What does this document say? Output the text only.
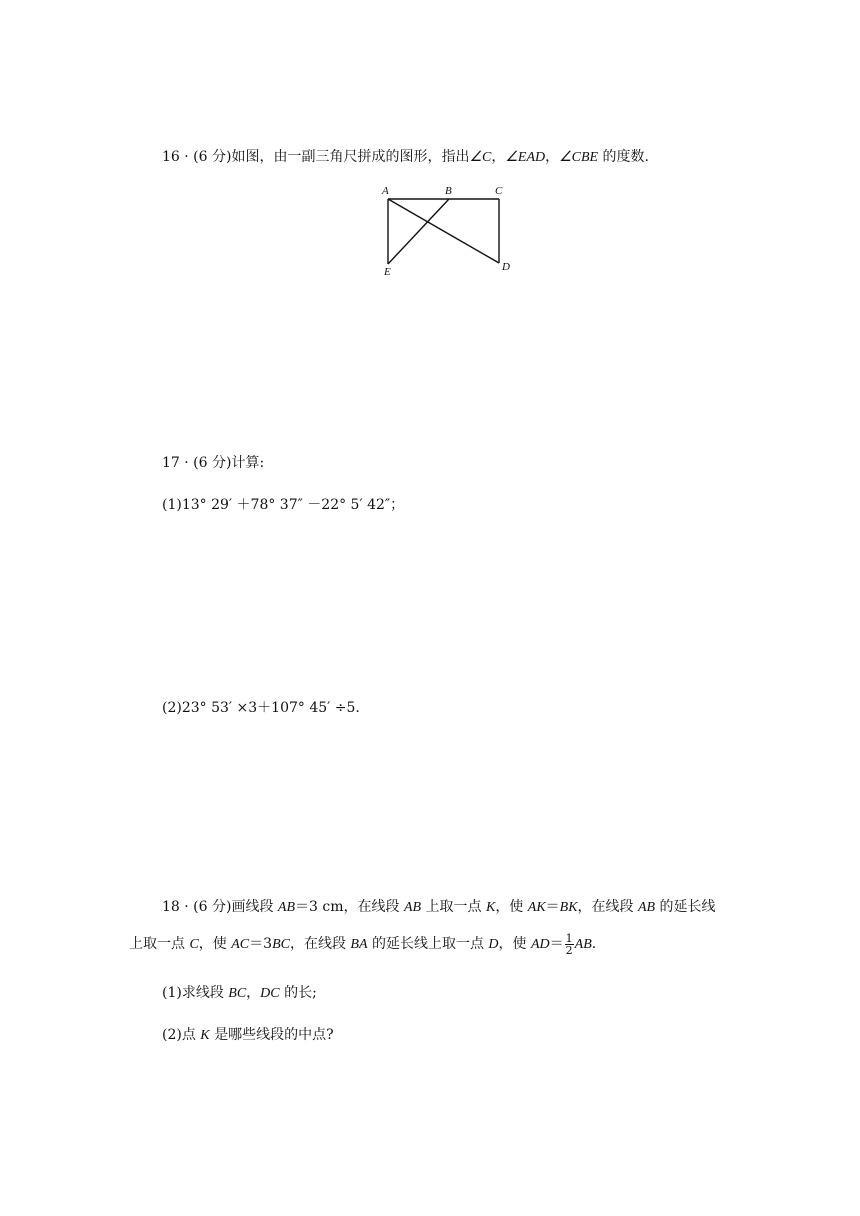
16 · (6 分)如图，由一副三角尺拼成的图形，指出∠C，∠EAD，∠CBE 的度数.
A	B	C
D
E
17 · (6 分)计算:
(1)13° 29′ ＋78° 37″ －22° 5′ 42″；
(2)23° 53′ ×3＋107° 45′ ÷5.
18 · (6 分)画线段 AB＝3 cm，在线段 AB 上取一点 K，使 AK＝BK，在线段 AB 的延长线
上取一点 C，使 AC＝3BC，在线段 BA 的延长线上取一点 D，使 $AD= \frac{1}{2}$ AB.
(1)求线段 BC，DC 的长;
(2)点 K 是哪些线段的中点?
